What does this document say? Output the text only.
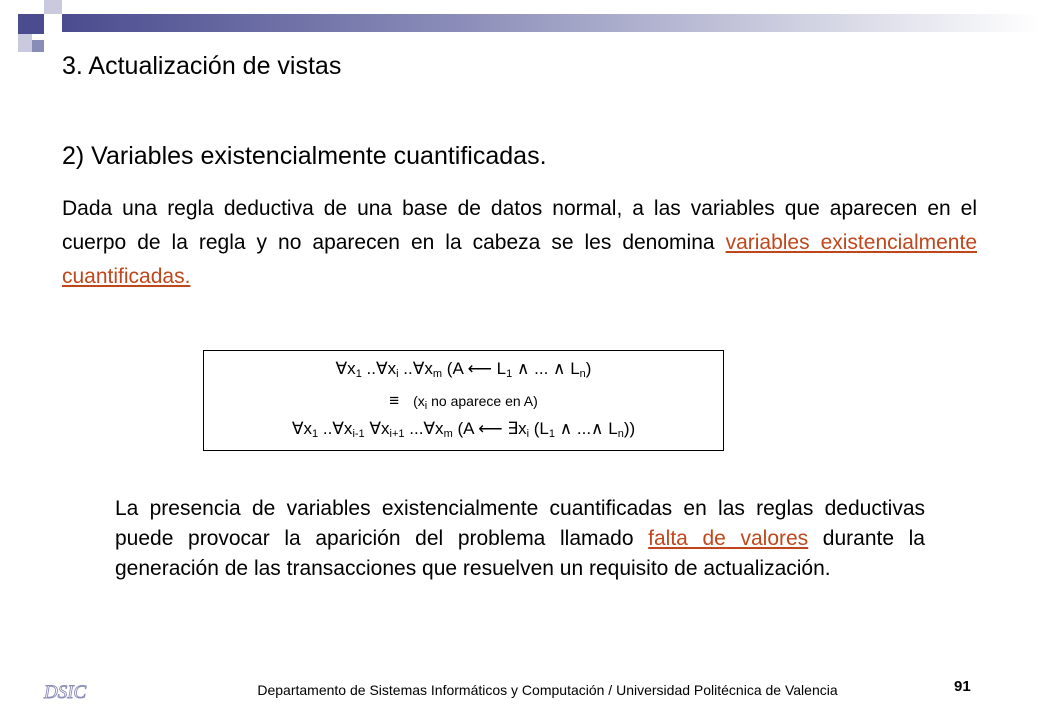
3. Actualización de vistas
2) Variables existencialmente cuantificadas.
Dada una regla deductiva de una base de datos normal, a las variables que aparecen en el cuerpo de la regla y no aparecen en la cabeza se les denomina variables existencialmente cuantificadas.
$\forall x_1$ $..\forall x_i$ $..\forall x_m$ (A ⟵ $L_1$ ∧ ... ∧ $L_n$)
≡ ($x_i$ no aparece en A)
$\forall x_1$ $..\forall x_{i-1}$ $\forall x_{i+1}$ $...\forall x_m$ (A ⟵ $\exists x_i$ ($L_1$ ∧ ...∧ $L_n$))
La presencia de variables existencialmente cuantificadas en las reglas deductivas puede provocar la aparición del problema llamado falta de valores durante la generación de las transacciones que resuelven un requisito de actualización.
DSIC	Departamento de Sistemas Informáticos y Computación / Universidad Politécnica de Valencia	91
